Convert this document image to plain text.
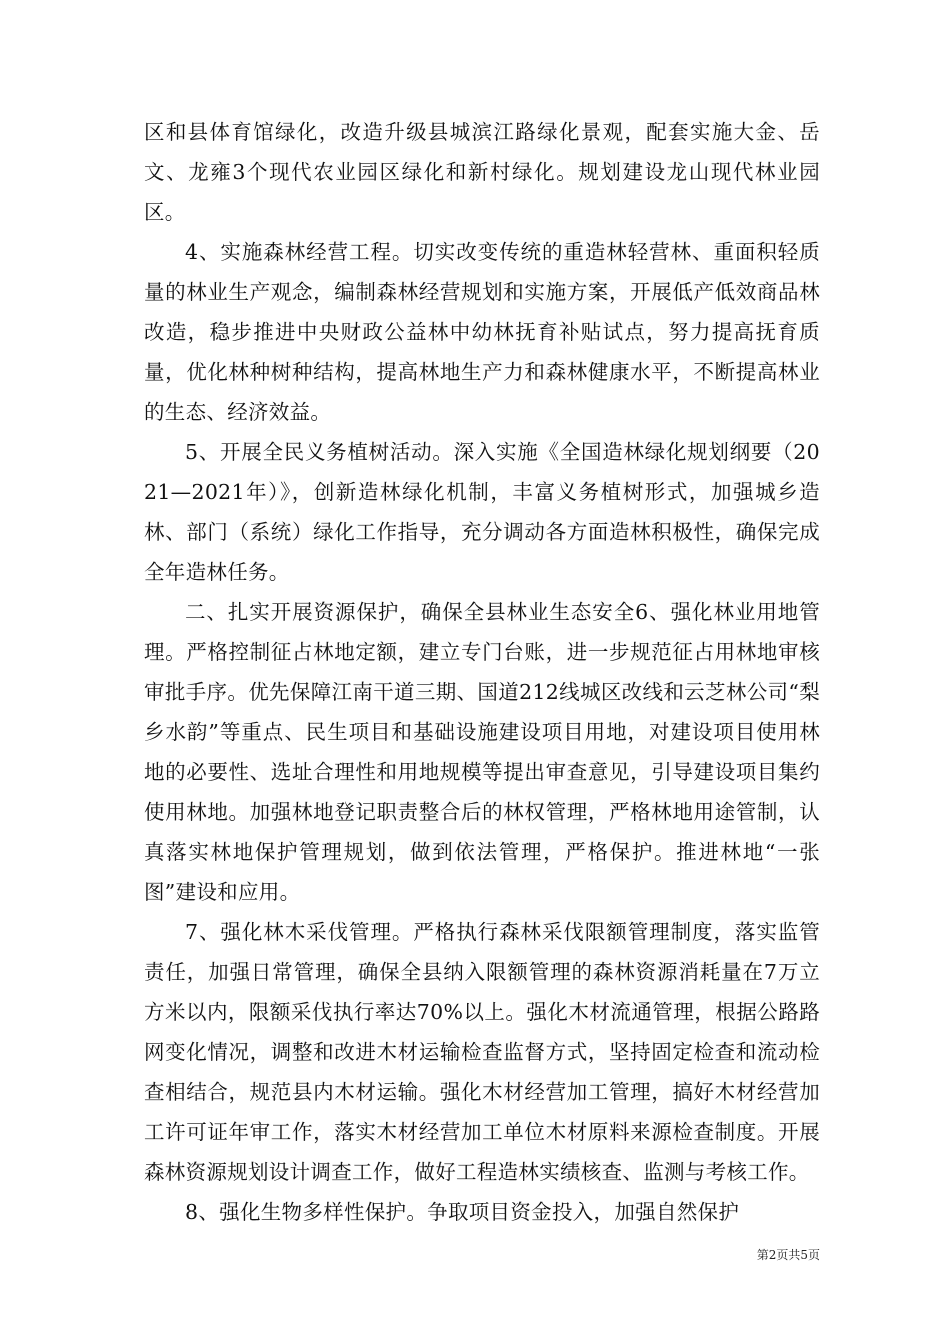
区和县体育馆绿化，改造升级县城滨江路绿化景观，配套实施大金、岳文、龙雍3个现代农业园区绿化和新村绿化。规划建设龙山现代林业园区。

4、实施森林经营工程。切实改变传统的重造林轻营林、重面积轻质量的林业生产观念，编制森林经营规划和实施方案，开展低产低效商品林改造，稳步推进中央财政公益林中幼林抚育补贴试点，努力提高抚育质量，优化林种树种结构，提高林地生产力和森林健康水平，不断提高林业的生态、经济效益。

5、开展全民义务植树活动。深入实施《全国造林绿化规划纲要（2021—2021年）》，创新造林绿化机制，丰富义务植树形式，加强城乡造林、部门（系统）绿化工作指导，充分调动各方面造林积极性，确保完成全年造林任务。

二、扎实开展资源保护，确保全县林业生态安全6、强化林业用地管理。严格控制征占林地定额，建立专门台账，进一步规范征占用林地审核审批手序。优先保障江南干道三期、国道212线城区改线和云芝林公司“梨乡水韵”等重点、民生项目和基础设施建设项目用地，对建设项目使用林地的必要性、选址合理性和用地规模等提出审查意见，引导建设项目集约使用林地。加强林地登记职责整合后的林权管理，严格林地用途管制，认真落实林地保护管理规划，做到依法管理，严格保护。推进林地“一张图”建设和应用。

7、强化林木采伐管理。严格执行森林采伐限额管理制度，落实监管责任，加强日常管理，确保全县纳入限额管理的森林资源消耗量在7万立方米以内，限额采伐执行率达70%以上。强化木材流通管理，根据公路路网变化情况，调整和改进木材运输检查监督方式，坚持固定检查和流动检查相结合，规范县内木材运输。强化木材经营加工管理，搞好木材经营加工许可证年审工作，落实木材经营加工单位木材原料来源检查制度。开展森林资源规划设计调查工作，做好工程造林实绩核查、监测与考核工作。

8、强化生物多样性保护。争取项目资金投入，加强自然保护

第2页共5页
